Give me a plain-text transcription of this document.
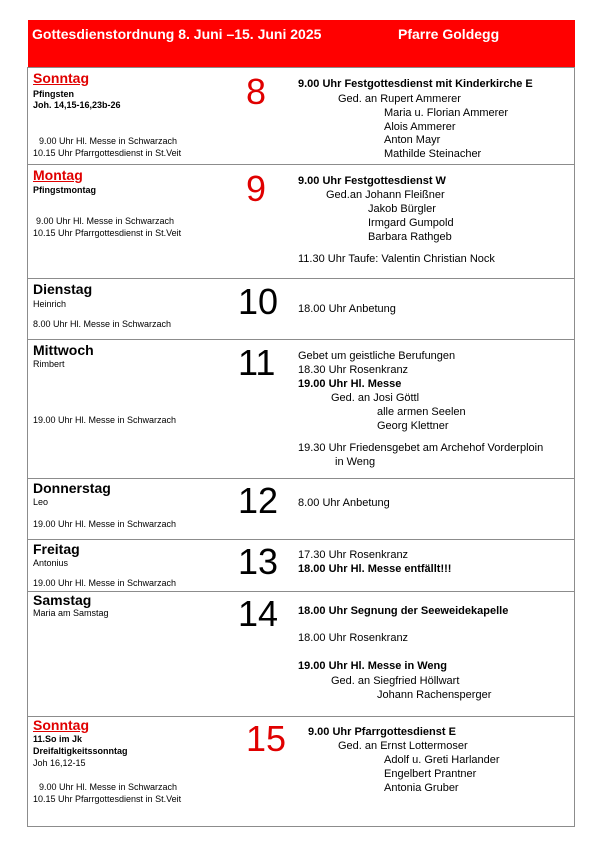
Gottesdienstordnung 8. Juni –15. Juni 2025	Pfarre Goldegg
Sonntag
Pfingsten
Joh. 14,15-16,23b-26
9.00 Uhr Hl. Messe in Schwarzach
10.15 Uhr Pfarrgottesdienst in St.Veit
8	9.00 Uhr Festgottesdienst mit Kinderkirche E
Ged. an Rupert Ammerer
Maria u. Florian Ammerer
Alois Ammerer
Anton Mayr
Mathilde Steinacher
Montag
Pfingstmontag
9.00 Uhr Hl. Messe in Schwarzach
10.15 Uhr Pfarrgottesdienst in St.Veit
9	9.00 Uhr Festgottesdienst W
Ged.an Johann Fleißner
Jakob Bürgler
Irmgard Gumpold
Barbara Rathgeb
11.30 Uhr Taufe: Valentin Christian Nock
Dienstag
Heinrich
8.00 Uhr Hl. Messe in Schwarzach
10 18.00 Uhr Anbetung
Mittwoch
Rimbert
19.00 Uhr Hl. Messe in Schwarzach
11 Gebet um geistliche Berufungen
18.30 Uhr Rosenkranz
19.00 Uhr Hl. Messe
Ged. an Josi Göttl
alle armen Seelen
Georg Klettner
19.30 Uhr Friedensgebet am Archehof Vorderploin
in Weng
Donnerstag
Leo
19.00 Uhr Hl. Messe in Schwarzach
12 8.00 Uhr Anbetung
Freitag
Antonius
19.00 Uhr Hl. Messe in Schwarzach
13 17.30 Uhr Rosenkranz
18.00 Uhr Hl. Messe entfällt!!!
Samstag
Maria am Samstag	14 18.00 Uhr Segnung der Seeweidekapelle
18.00 Uhr Rosenkranz
19.00 Uhr Hl. Messe in Weng
Ged. an Siegfried Höllwart
Johann Rachensperger
Sonntag
11.So im Jk
Dreifaltigkeitssonntag
Joh 16,12-15
9.00 Uhr Hl. Messe in Schwarzach
10.15 Uhr Pfarrgottesdienst in St.Veit
15 9.00 Uhr Pfarrgottesdienst E
Ged. an Ernst Lottermoser
Adolf u. Greti Harlander
Engelbert Prantner
Antonia Gruber
